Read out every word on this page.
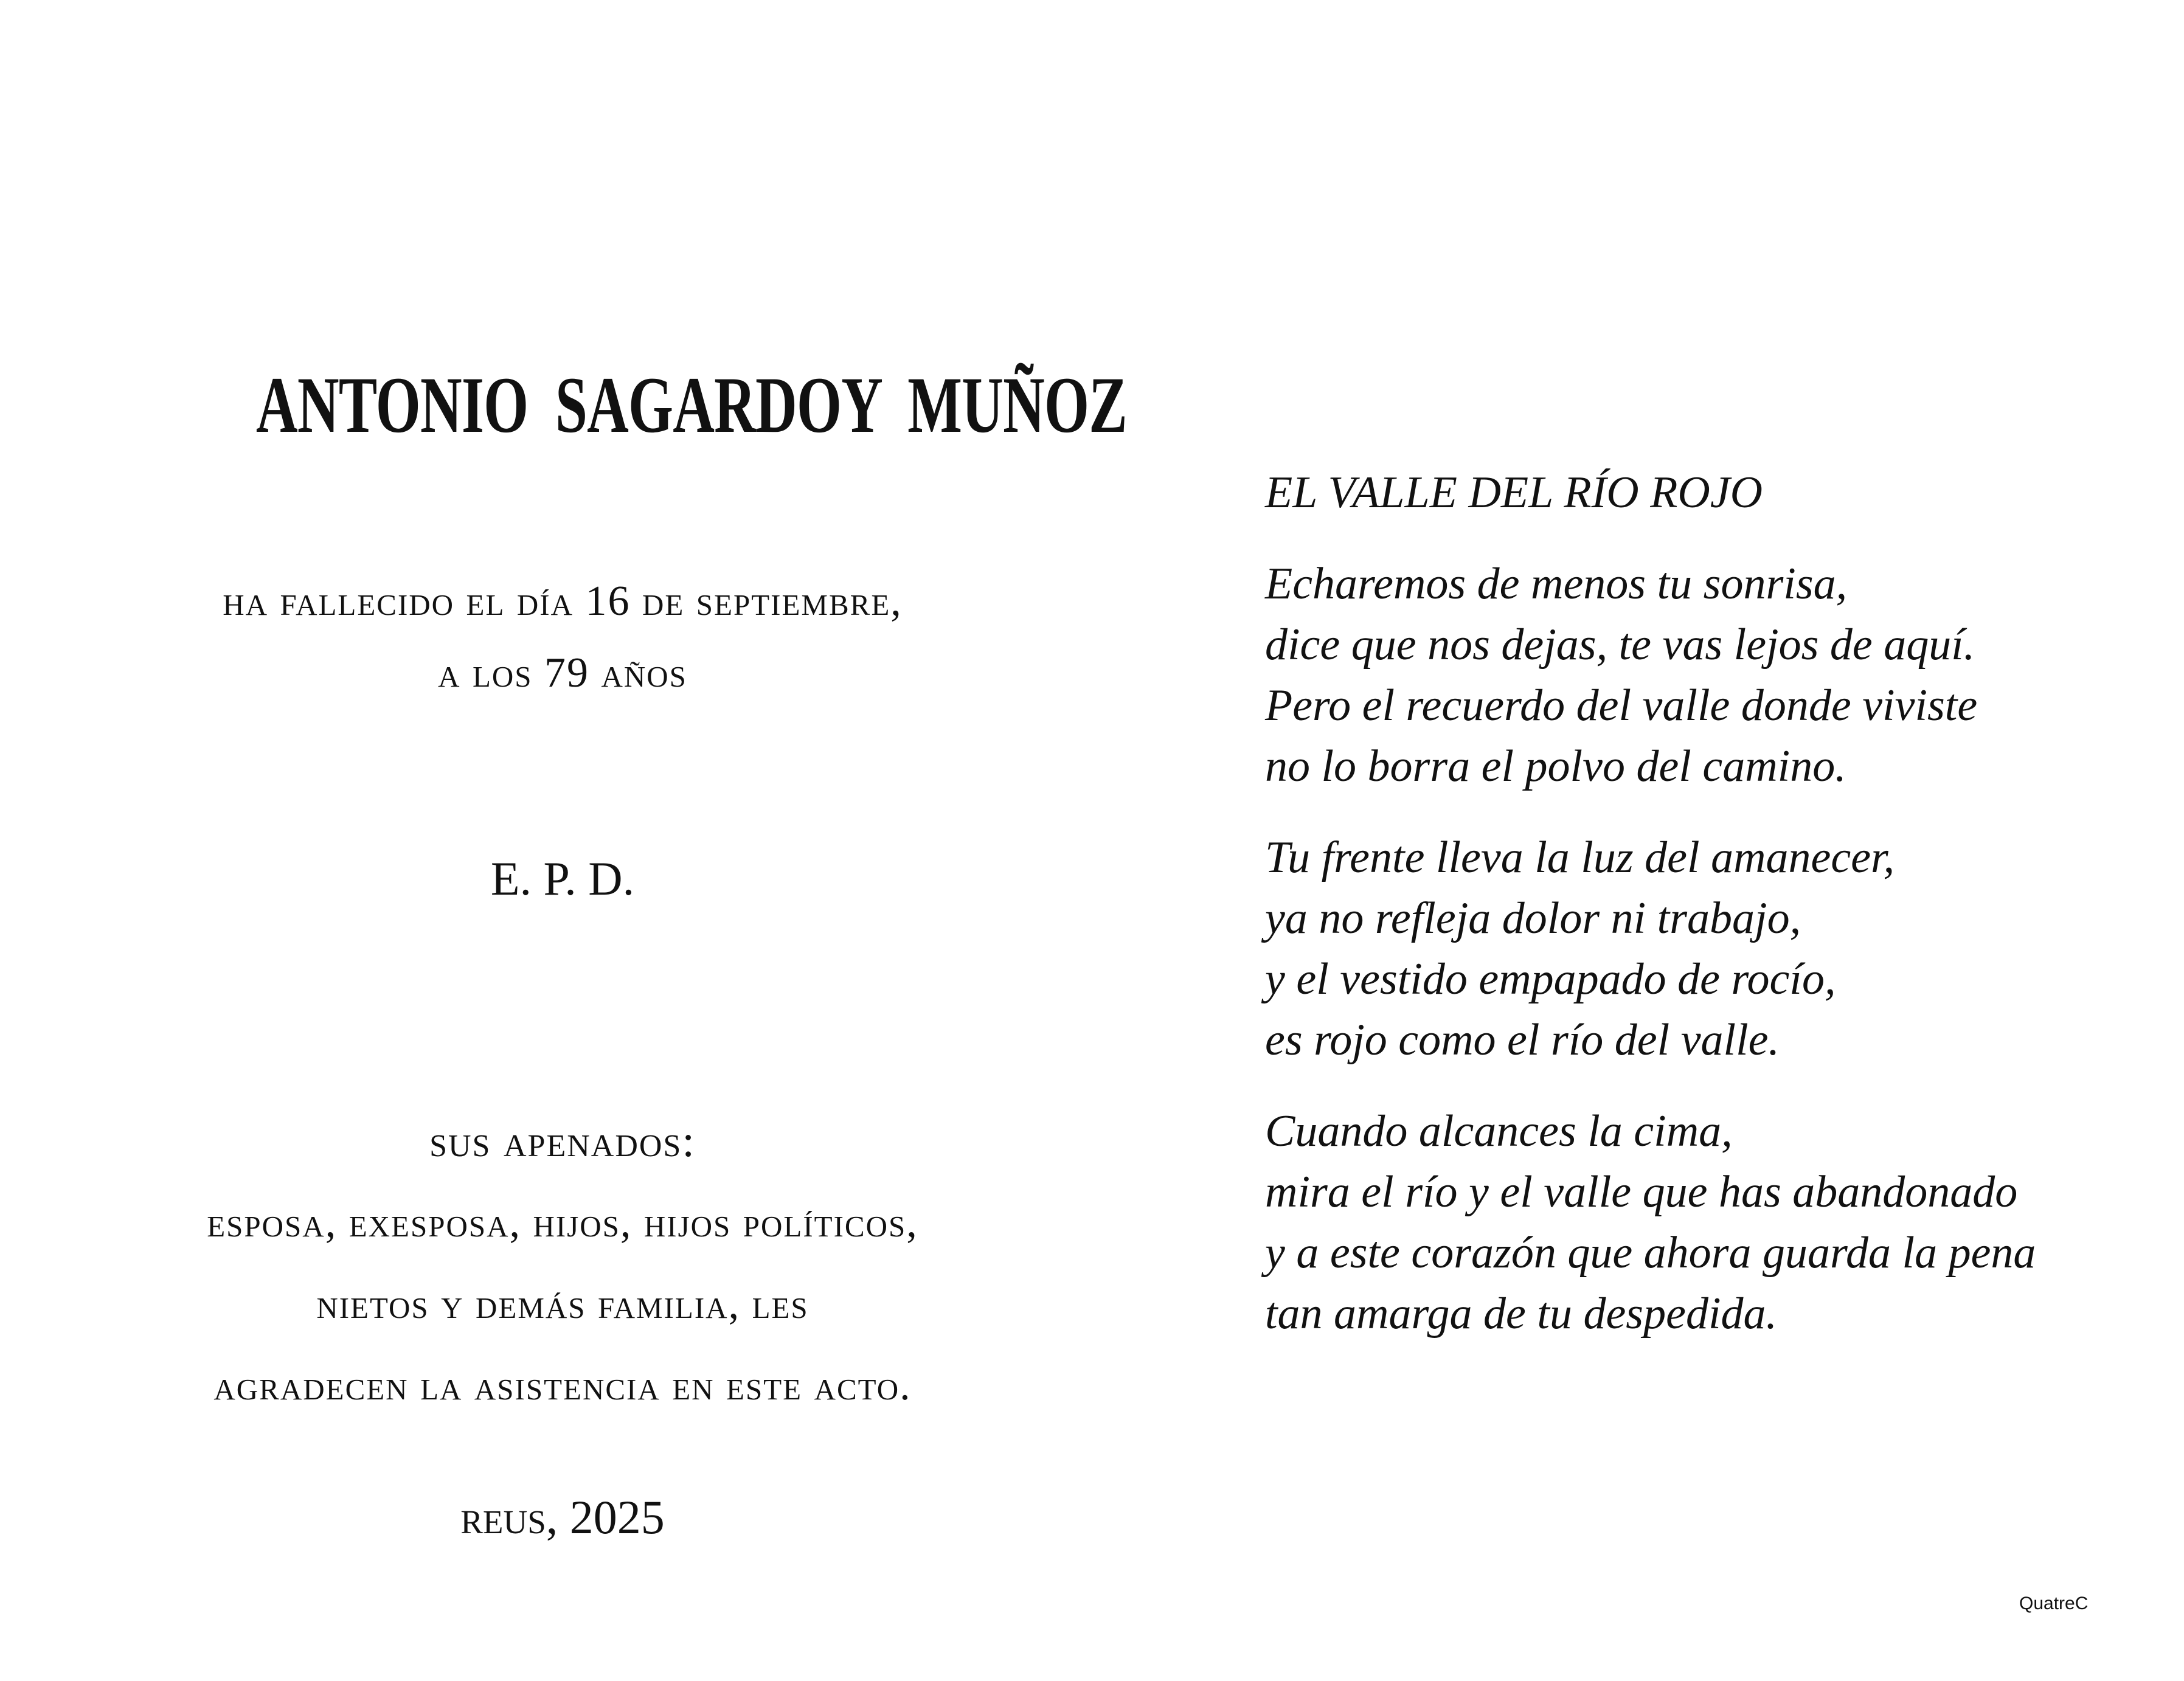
ANTONIO SAGARDOY MUÑOZ
ha fallecido el día 16 de septiembre,
a los 79 años
E. P. D.
sus apenados:
esposa, exesposa, hijos, hijos políticos,
nietos y demás familia, les
agradecen la asistencia en este acto.
reus, 2025
EL VALLE DEL RÍO ROJO
Echaremos de menos tu sonrisa,
dice que nos dejas, te vas lejos de aquí.
Pero el recuerdo del valle donde viviste
no lo borra el polvo del camino.
Tu frente lleva la luz del amanecer,
ya no refleja dolor ni trabajo,
y el vestido empapado de rocío,
es rojo como el río del valle.
Cuando alcances la cima,
mira el río y el valle que has abandonado
y a este corazón que ahora guarda la pena
tan amarga de tu despedida.
QuatreC
